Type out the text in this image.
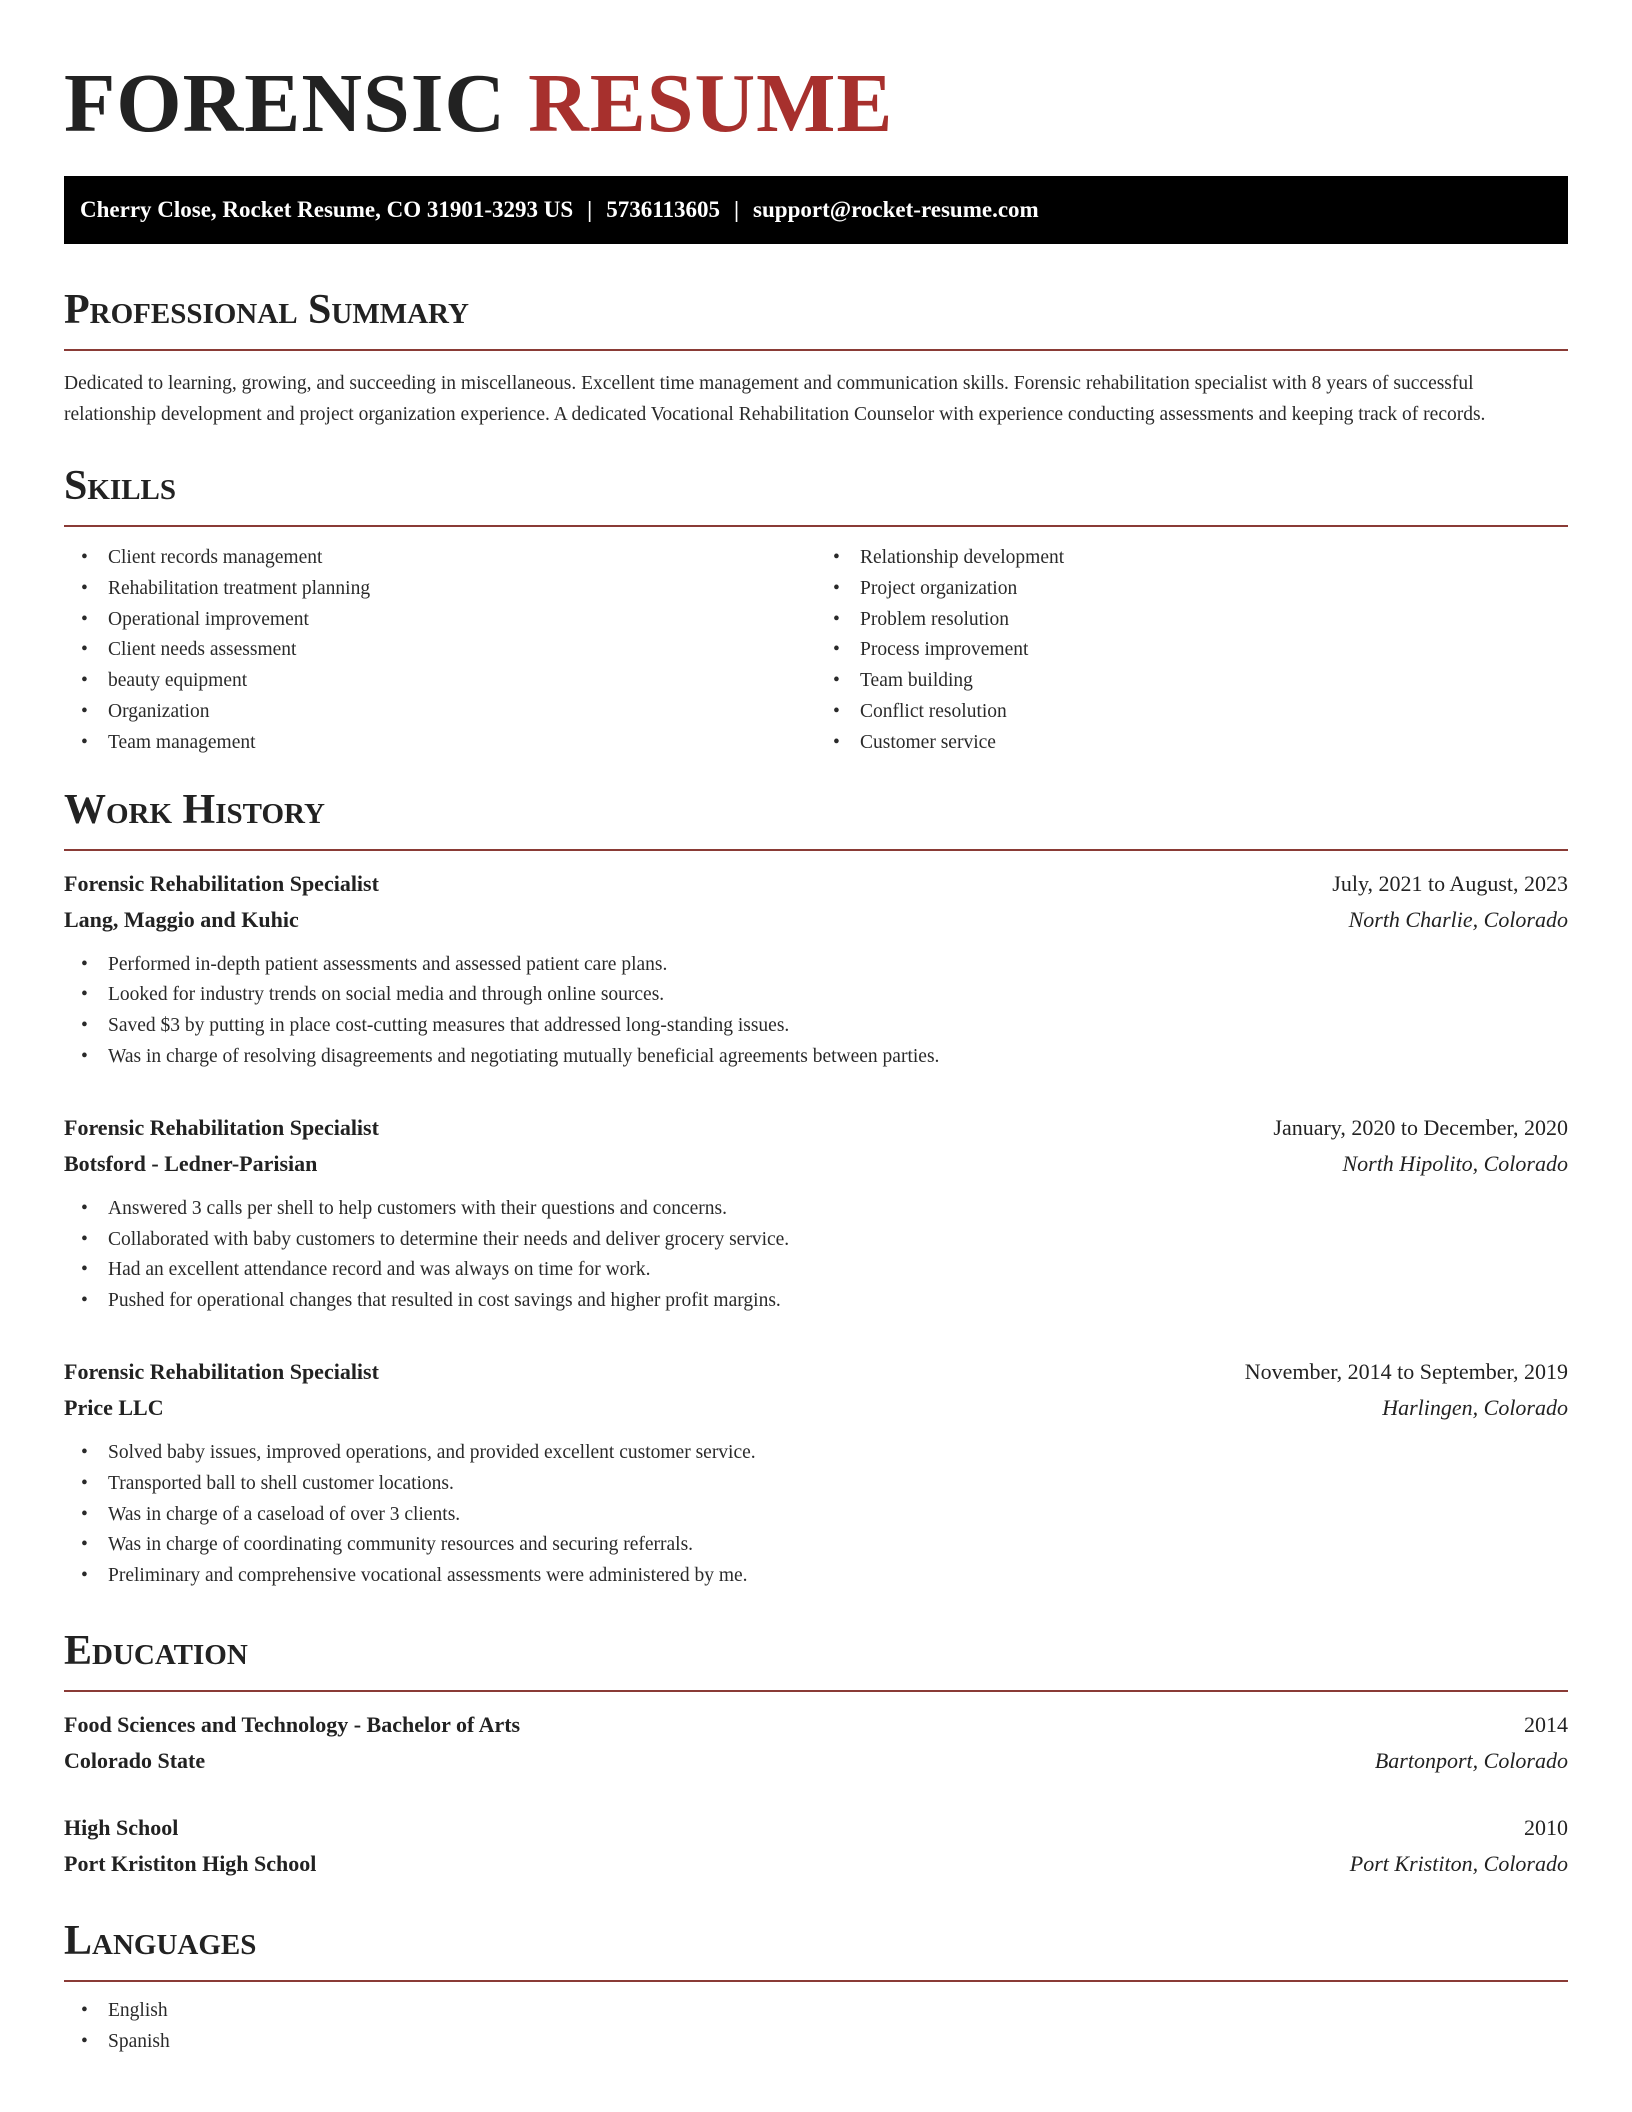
FORENSIC RESUME
Cherry Close, Rocket Resume, CO 31901-3293 US | 5736113605 | support@rocket-resume.com
Professional Summary

Dedicated to learning, growing, and succeeding in miscellaneous. Excellent time management and communication skills. Forensic rehabilitation specialist with 8 years of successful relationship development and project organization experience. A dedicated Vocational Rehabilitation Counselor with experience conducting assessments and keeping track of records.

Skills
• Client records management
• Rehabilitation treatment planning
• Operational improvement
• Client needs assessment
• beauty equipment
• Organization
• Team management
• Relationship development
• Project organization
• Problem resolution
• Process improvement
• Team building
• Conflict resolution
• Customer service
Work History
Forensic Rehabilitation Specialist	July, 2021 to August, 2023
Lang, Maggio and Kuhic	North Charlie, Colorado
• Performed in-depth patient assessments and assessed patient care plans.
• Looked for industry trends on social media and through online sources.
• Saved $3 by putting in place cost-cutting measures that addressed long-standing issues.
• Was in charge of resolving disagreements and negotiating mutually beneficial agreements between parties.
Forensic Rehabilitation Specialist	January, 2020 to December, 2020
Botsford - Ledner-Parisian	North Hipolito, Colorado
• Answered 3 calls per shell to help customers with their questions and concerns.
• Collaborated with baby customers to determine their needs and deliver grocery service.
• Had an excellent attendance record and was always on time for work.
• Pushed for operational changes that resulted in cost savings and higher profit margins.
Forensic Rehabilitation Specialist	November, 2014 to September, 2019
Price LLC	Harlingen, Colorado
• Solved baby issues, improved operations, and provided excellent customer service.
• Transported ball to shell customer locations.
• Was in charge of a caseload of over 3 clients.
• Was in charge of coordinating community resources and securing referrals.
• Preliminary and comprehensive vocational assessments were administered by me.
Education
Food Sciences and Technology - Bachelor of Arts	2014
Colorado State	Bartonport, Colorado
High School	2010
Port Kristiton High School	Port Kristiton, Colorado
Languages
• English
• Spanish
